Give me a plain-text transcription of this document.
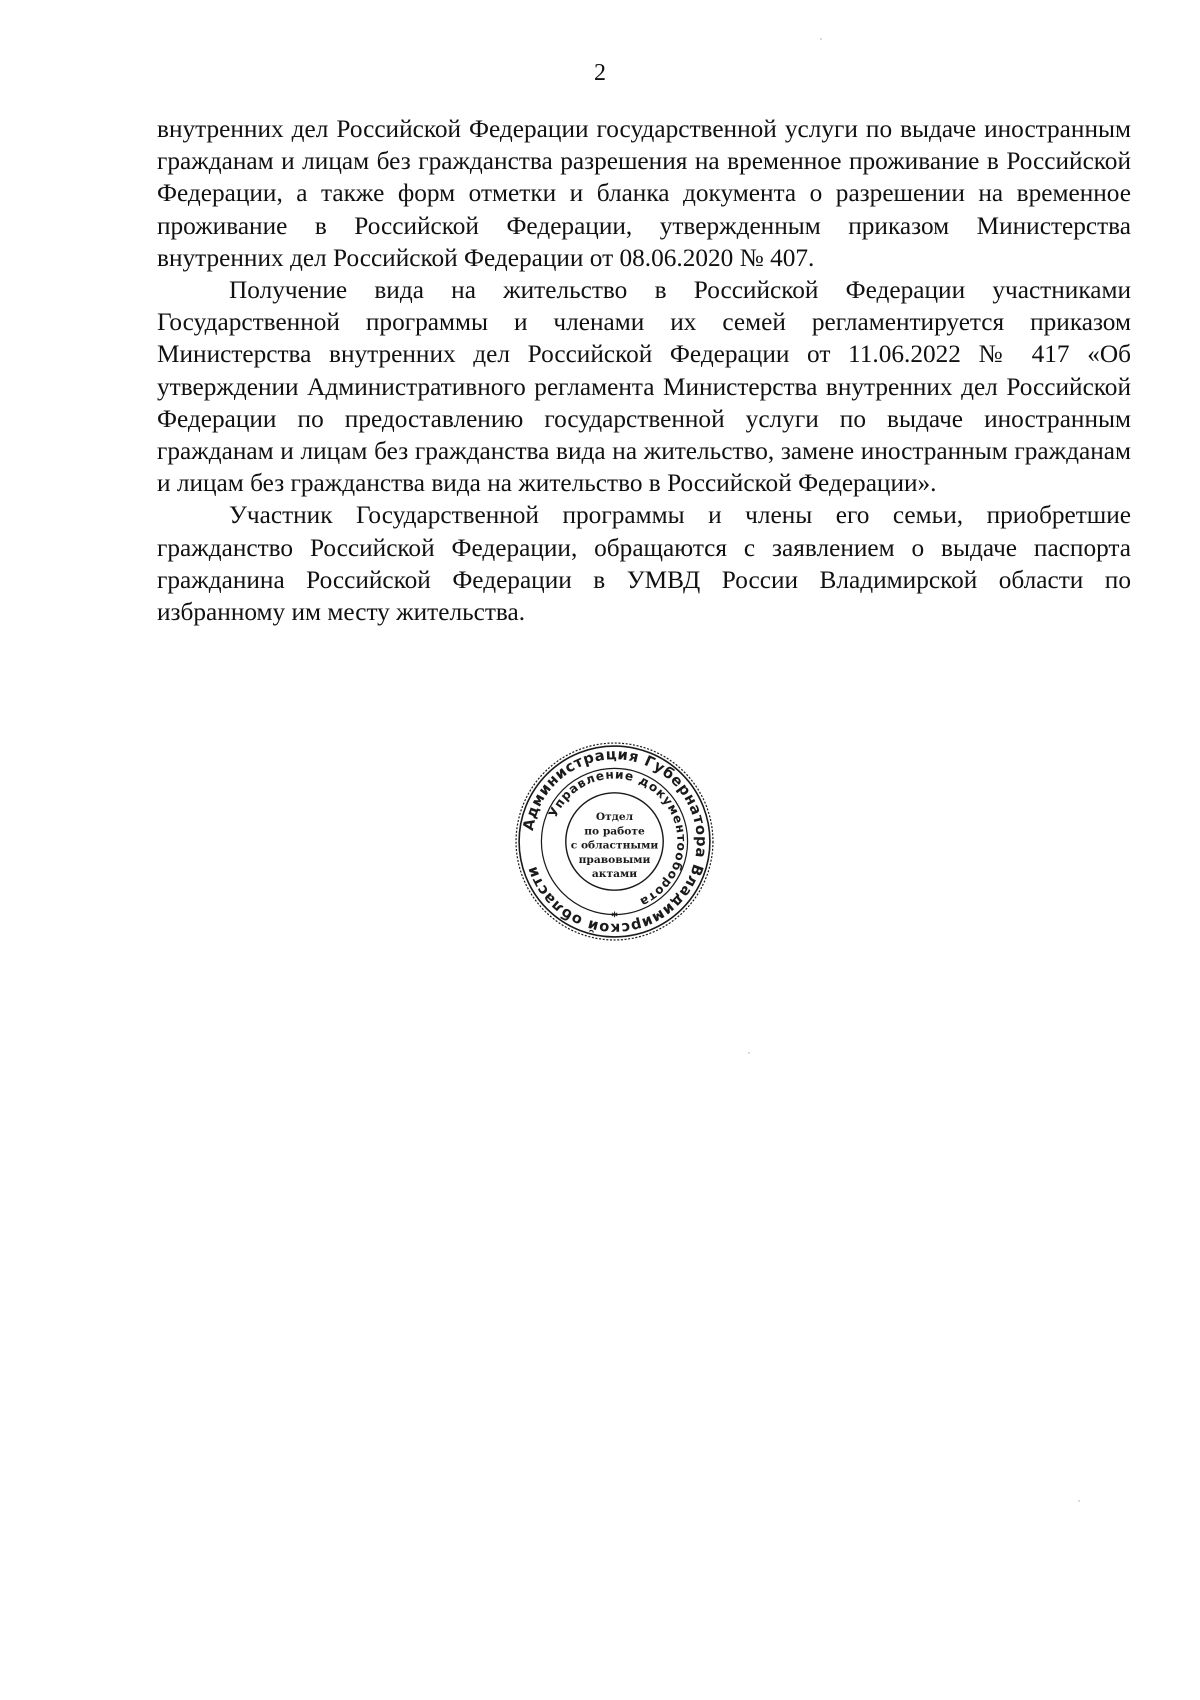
2

внутренних дел Российской Федерации государственной услуги по выдаче иностранным гражданам и лицам без гражданства разрешения на временное проживание в Российской Федерации, а также форм отметки и бланка документа о разрешении на временное проживание в Российской Федерации, утвержденным приказом Министерства внутренних дел Российской Федерации от 08.06.2020 № 407.

Получение вида на жительство в Российской Федерации участниками Государственной программы и членами их семей регламентируется приказом Министерства внутренних дел Российской Федерации от 11.06.2022 № 417 «Об утверждении Административного регламента Министерства внутренних дел Российской Федерации по предоставлению государственной услуги по выдаче иностранным гражданам и лицам без гражданства вида на жительство, замене иностранным гражданам и лицам без гражданства вида на жительство в Российской Федерации».

Участник Государственной программы и члены его семьи, приобретшие гражданство Российской Федерации, обращаются с заявлением о выдаче паспорта гражданина Российской Федерации в УМВД России Владимирской области по избранному им месту жительства.

Администрация Губернатора Владимирской области
Управление документооборота
*
Отдел
по работе
с областными
правовыми
актами
